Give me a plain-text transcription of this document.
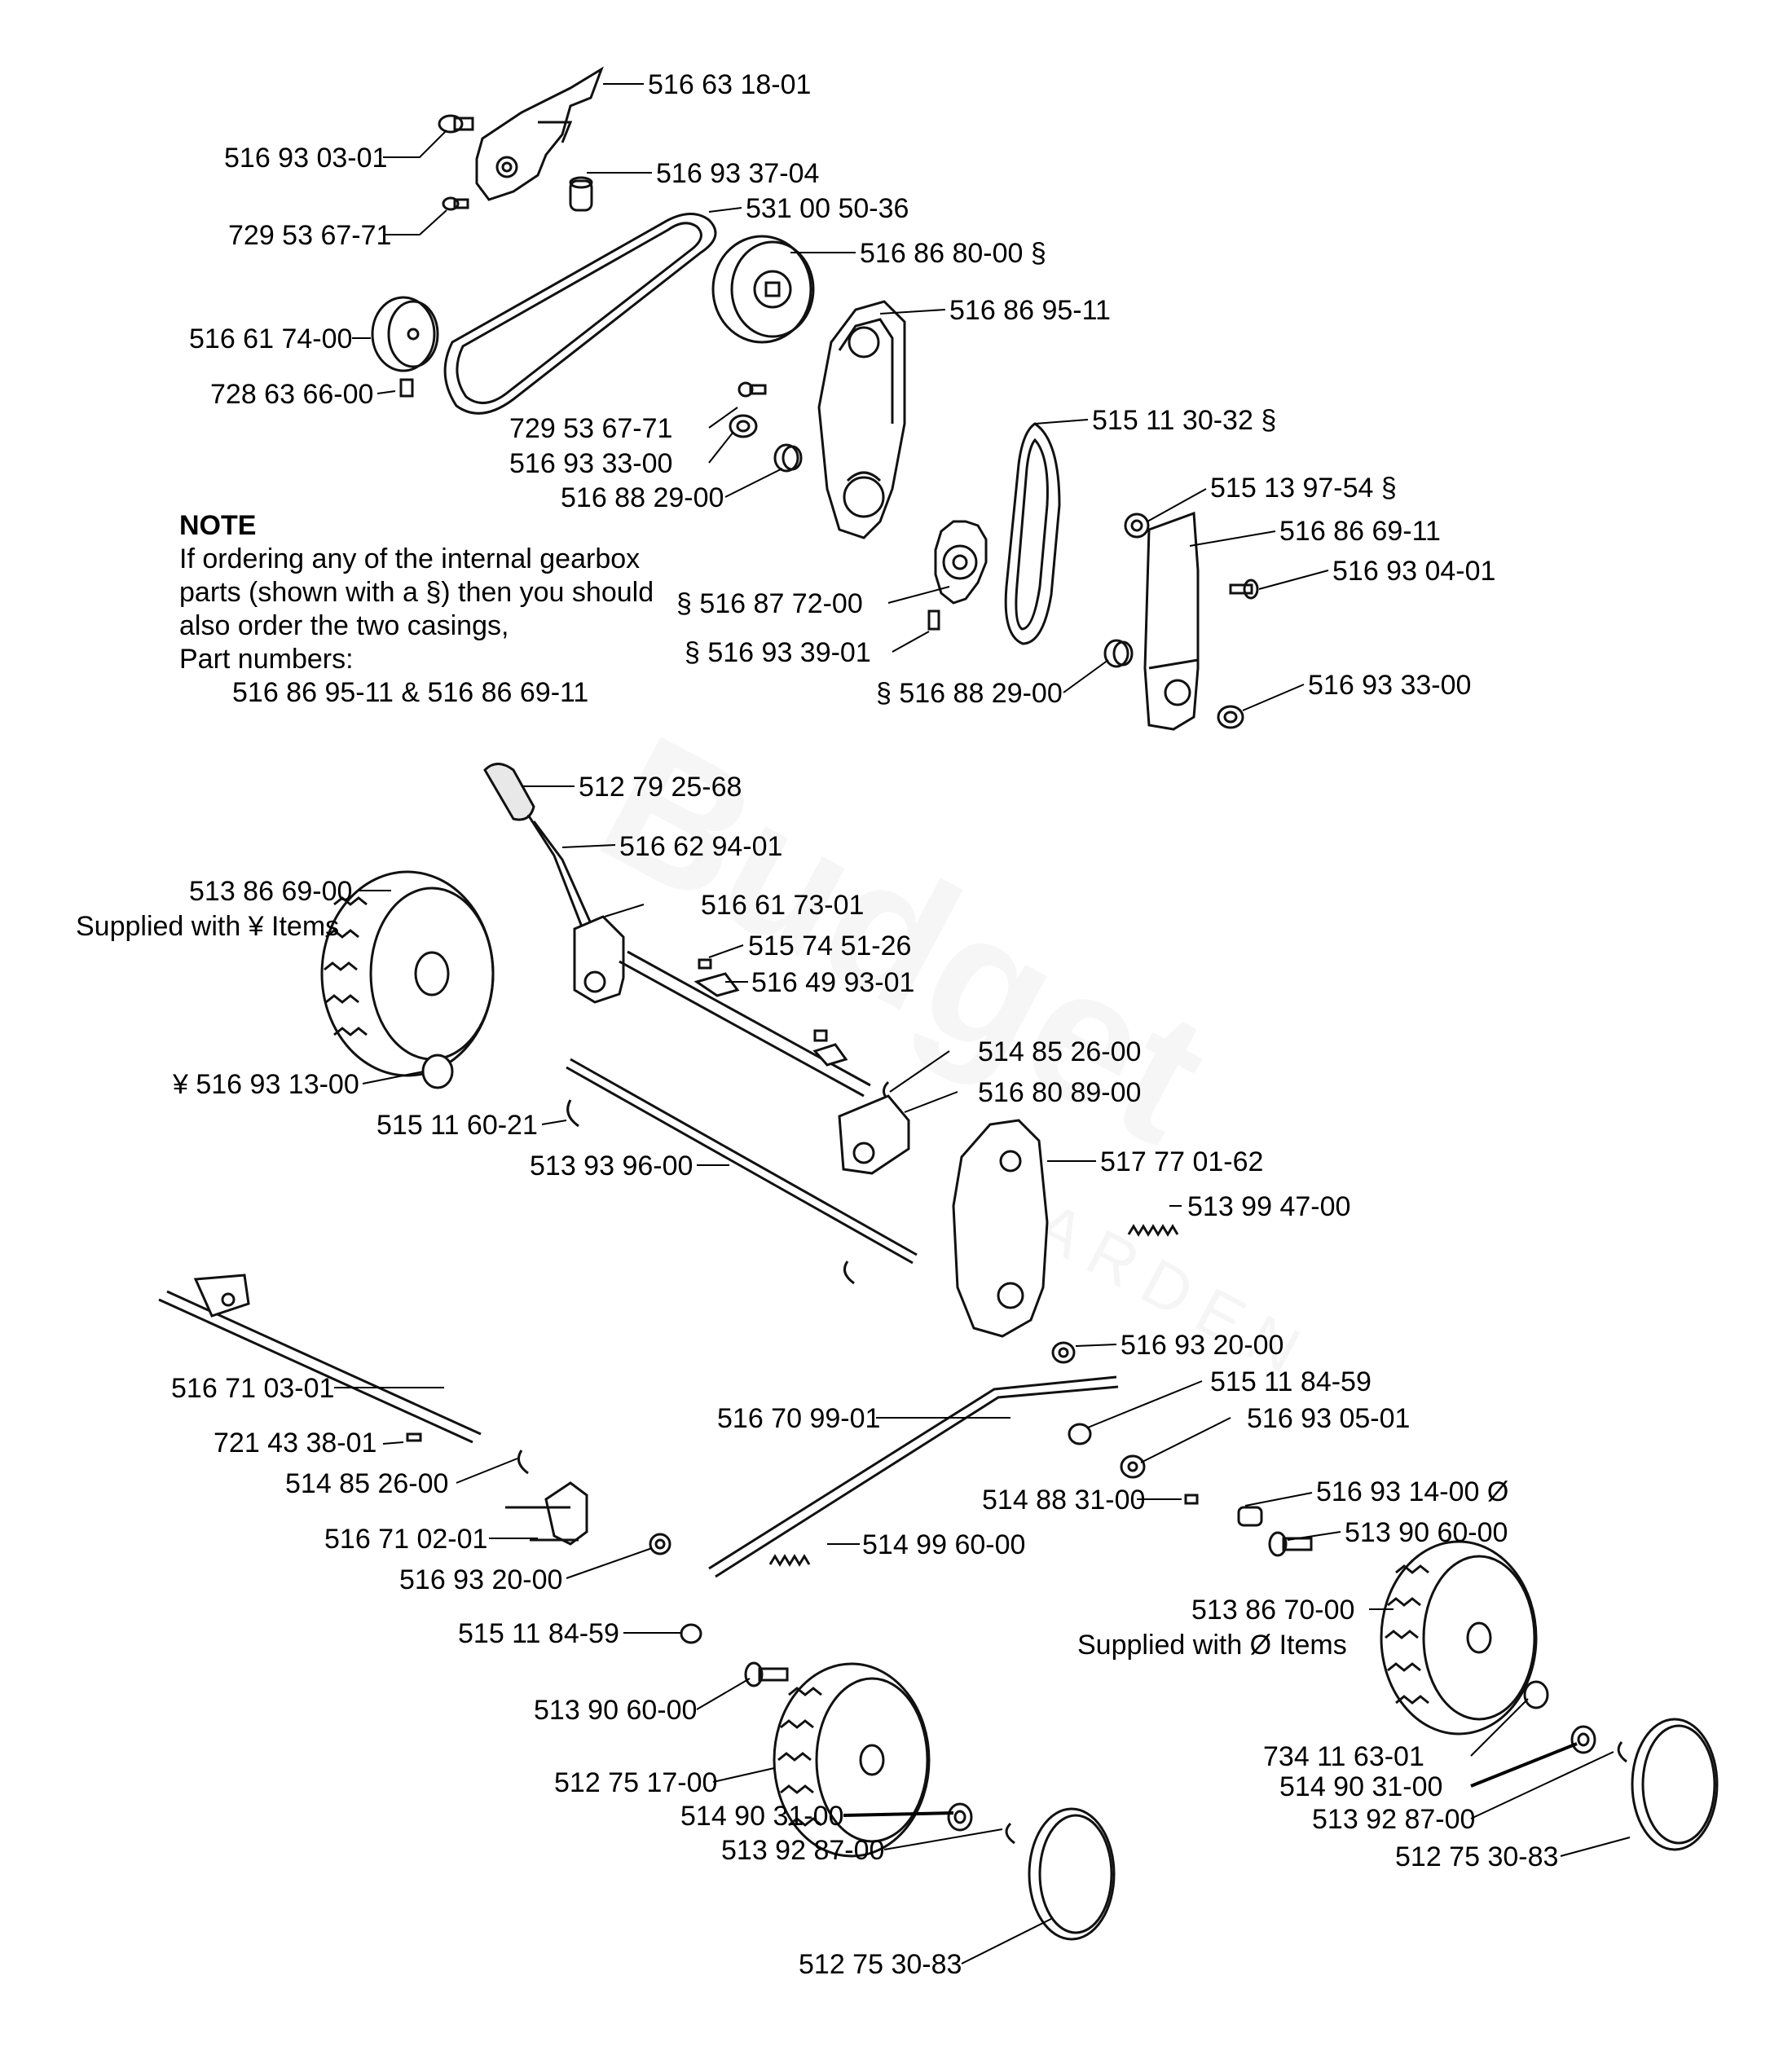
516 63 18-01
516 93 03-01	516 93 37-04
729 53 67-71
531 00 50-36
516 86 80-00 §
516 61 74-00
516 86 95-11
728 63 66-00
729 53 67-71	515 11 30-32 §
516 93 33-00
516 88 29-00	515 13 97-54 §
516 86 69-11
516 93 04-01
§ 516 87 72-00
§ 516 93 39-01
§ 516 88 29-00	516 93 33-00
512 79 25-68
516 62 94-01
513 86 69-00
Supplied with ¥ Items
516 61 73-01
515 74 51-26
516 49 93-01
514 85 26-00
¥ 516 93 13-00	516 80 89-00
515 11 60-21
517 77 01-62
513 93 96-00
513 99 47-00
516 93 20-00
516 71 03-01	515 11 84-59
516 70 99-01	516 93 05-01
721 43 38-01
514 85 26-00
514 88 31-00	516 93 14-00 Ø
516 71 02-01	514 99 60-00	513 90 60-00
516 93 20-00
513 86 70-00
Supplied with Ø Items
515 11 84-59
513 90 60-00
734 11 63-01
512 75 17-00	514 90 31-00
514 90 31-00	513 92 87-00
513 92 87-00	512 75 30-83
512 75 30-83
NOTE
If ordering any of the internal gearbox
parts (shown with a §) then you should
also order the two casings,
Part numbers:
516 86 95-11 & 516 86 69-11
